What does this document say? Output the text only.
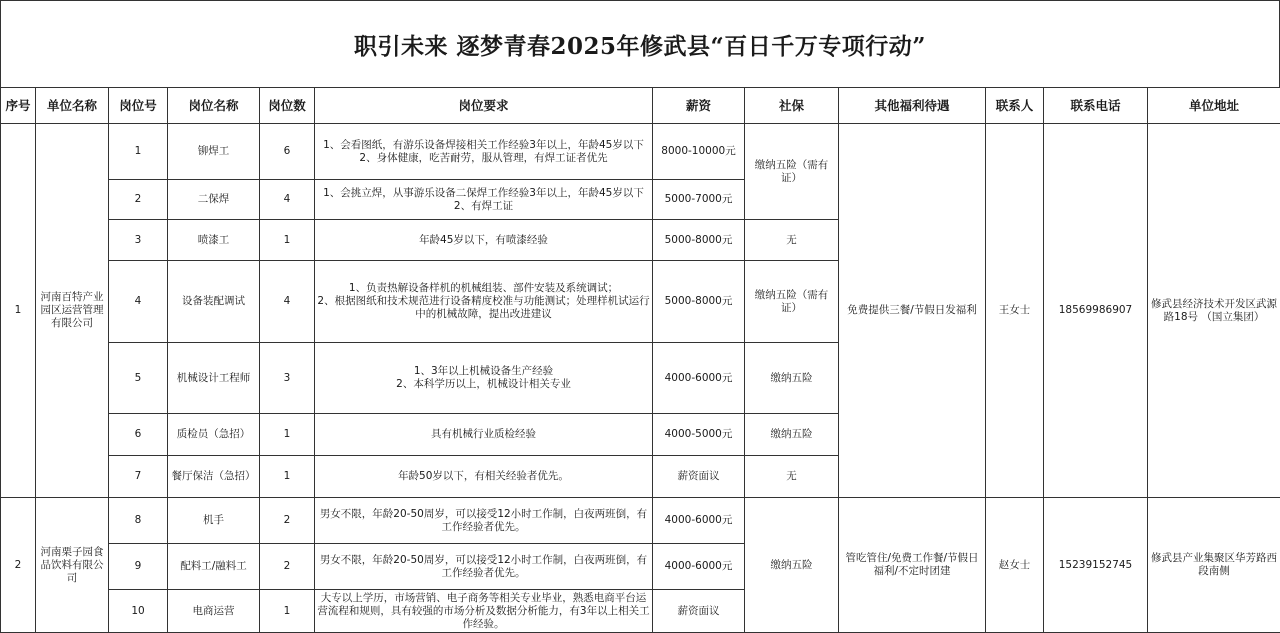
职引未来 逐梦青春2025年修武县“百日千万专项行动”
序号	单位名称	岗位号	岗位名称	岗位数	岗位要求	薪资	社保	其他福利待遇	联系人	联系电话	单位地址
1	河南百特产业园区运营管理有限公司	1	铆焊工	6	1、会看图纸，有游乐设备焊接相关工作经验3年以上，年龄45岁以下
2、身体健康，吃苦耐劳，服从管理，有焊工证者优先	8000-10000元	缴纳五险（需有证）	免费提供三餐/节假日发福利	王女士	18569986907	修武县经济技术开发区武源路18号 （国立集团）
		2	二保焊	4	1、会挑立焊，从事游乐设备二保焊工作经验3年以上，年龄45岁以下
2、有焊工证	5000-7000元					
		3	喷漆工	1	年龄45岁以下，有喷漆经验	5000-8000元	无				
		4	设备装配调试	4	1、负责热解设备样机的机械组装、部件安装及系统调试；
2、根据图纸和技术规范进行设备精度校准与功能测试；处理样机试运行中的机械故障，提出改进建议	5000-8000元	缴纳五险（需有证）				
		5	机械设计工程师	3	1、3年以上机械设备生产经验
2、本科学历以上，机械设计相关专业	4000-6000元	缴纳五险				
		6	质检员（急招）	1	具有机械行业质检经验	4000-5000元	缴纳五险				
		7	餐厅保洁（急招）	1	年龄50岁以下，有相关经验者优先。	薪资面议	无				
2	河南栗子园食品饮料有限公司	8	机手	2	男女不限，年龄20-50周岁，可以接受12小时工作制，白夜两班倒，有工作经验者优先。	4000-6000元	缴纳五险	管吃管住/免费工作餐/节假日福利/不定时团建	赵女士	15239152745	修武县产业集聚区华芳路西段南侧
		9	配料工/融料工	2	男女不限，年龄20-50周岁，可以接受12小时工作制，白夜两班倒，有工作经验者优先。	4000-6000元					
		10	电商运营	1	大专以上学历，市场营销、电子商务等相关专业毕业，熟悉电商平台运营流程和规则，具有较强的市场分析及数据分析能力，有3年以上相关工作经验。	薪资面议					
